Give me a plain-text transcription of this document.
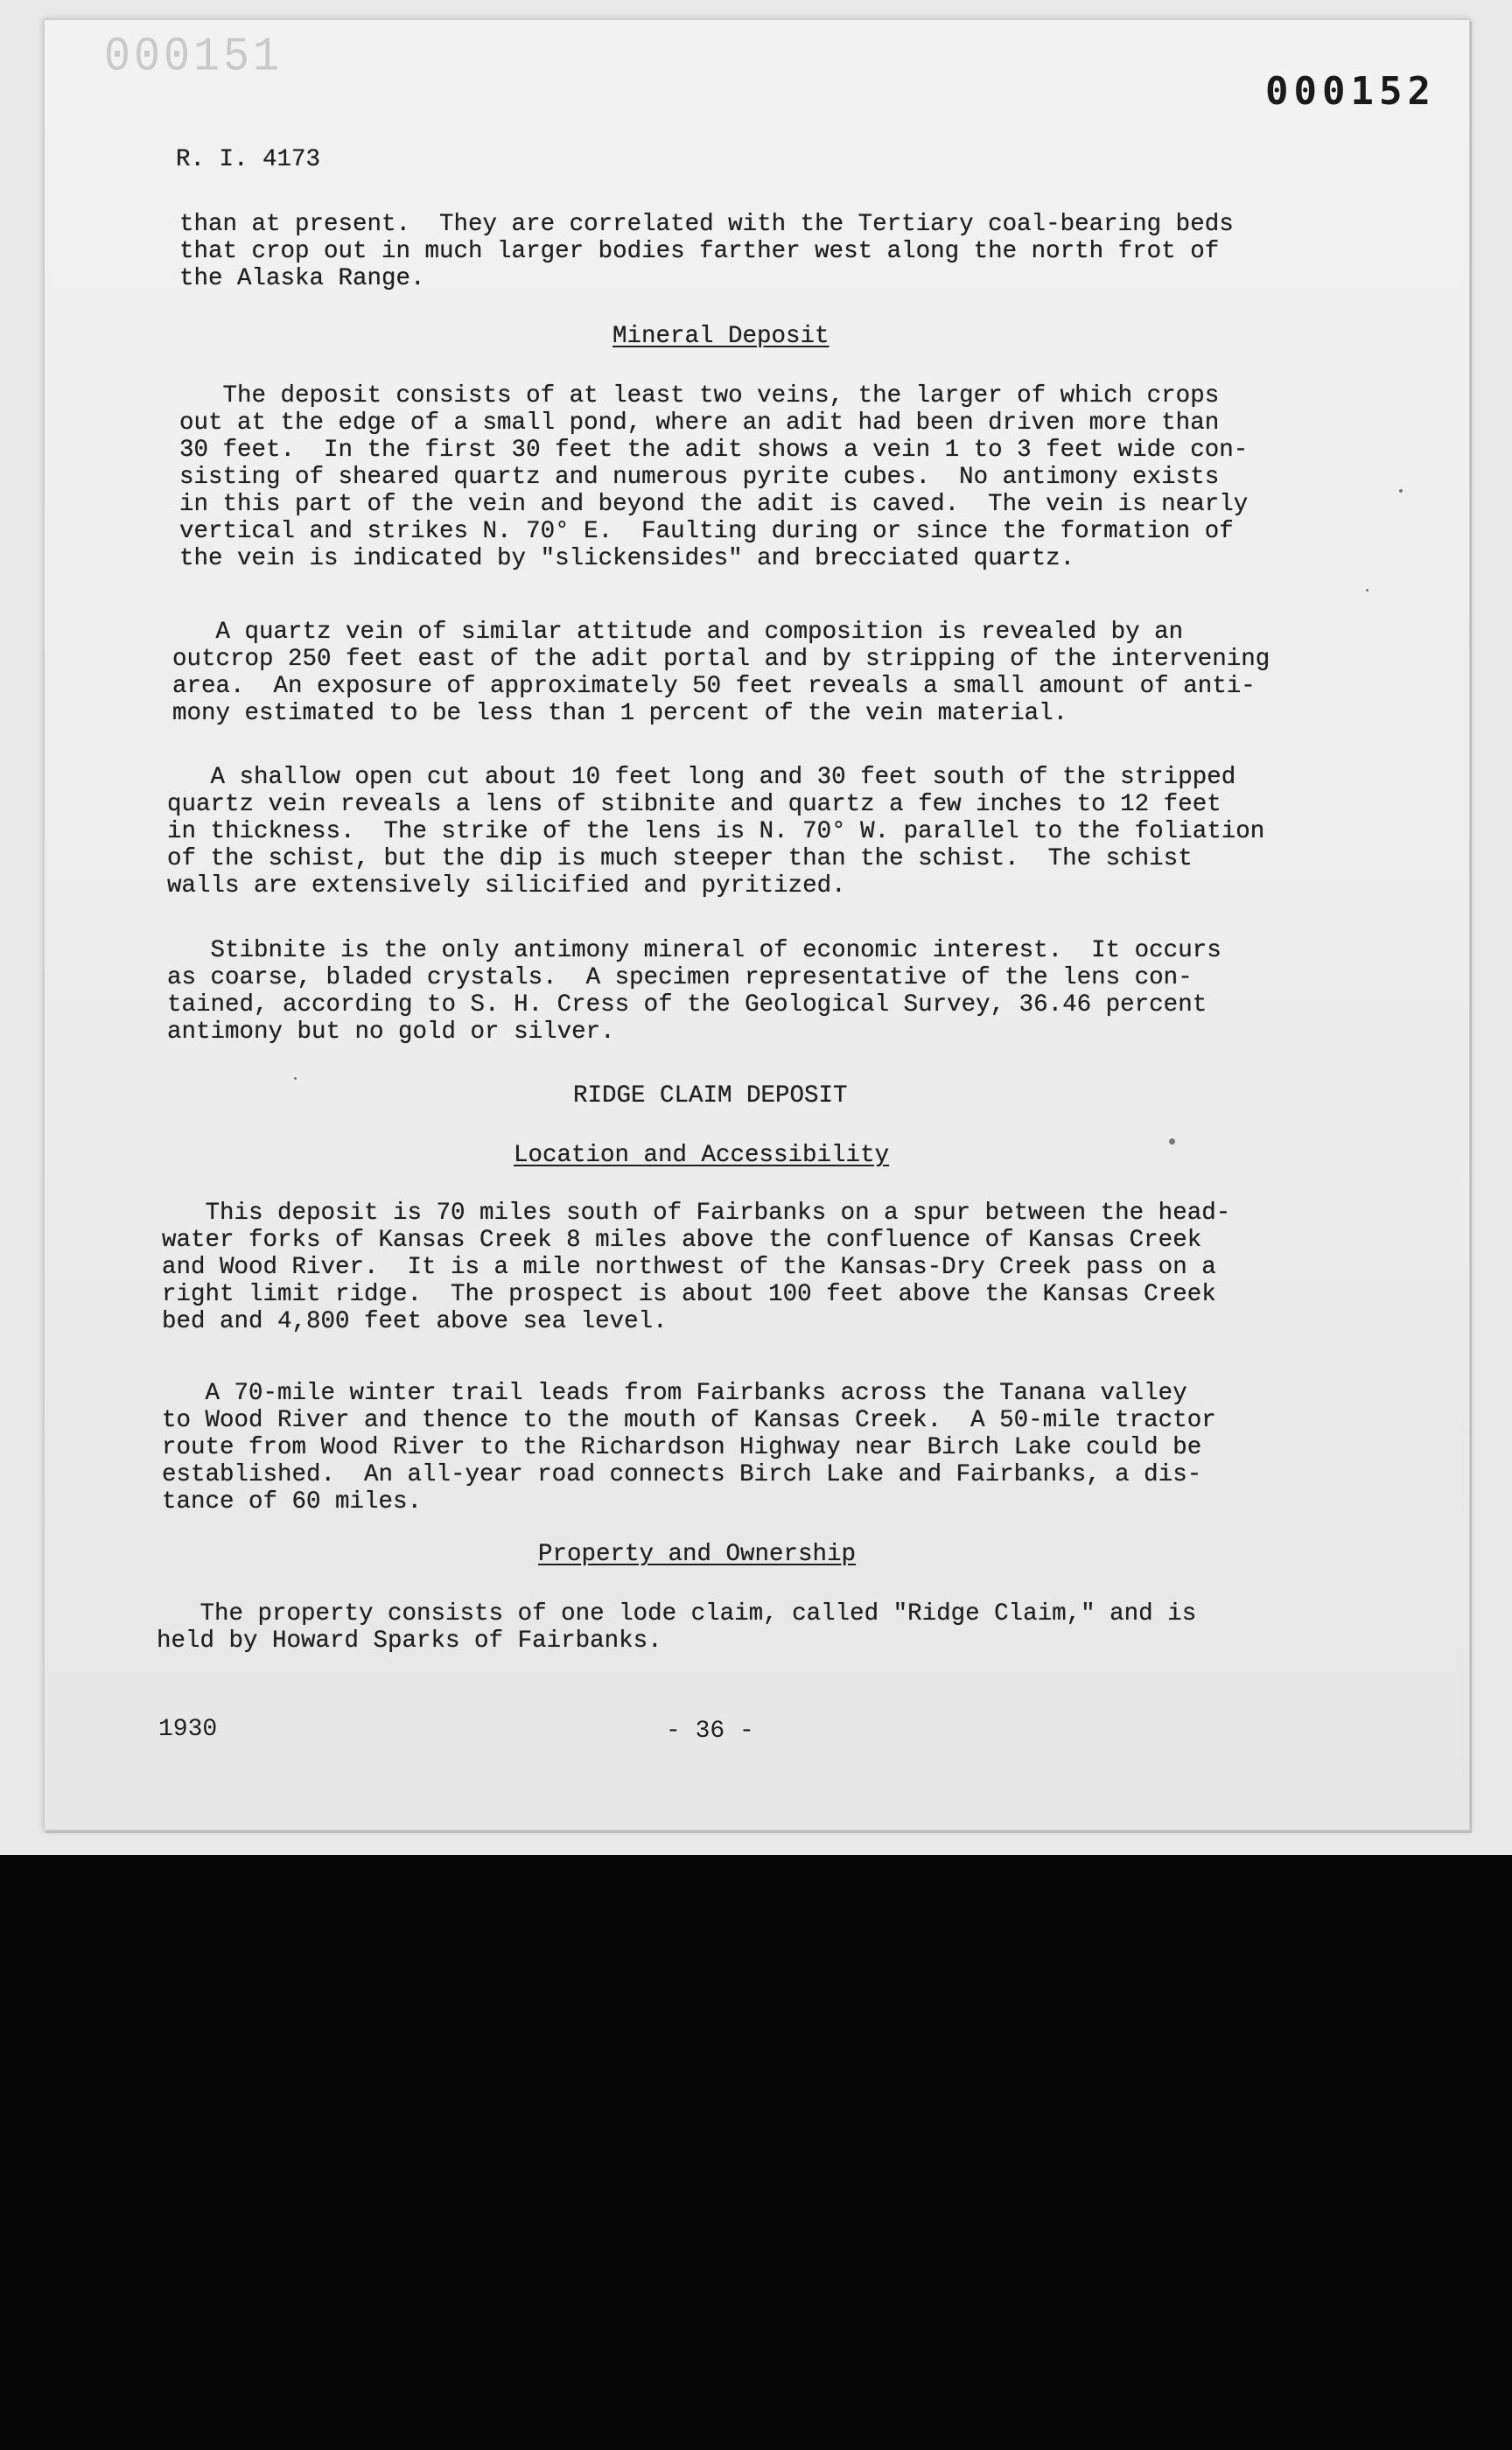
000151
000152
R. I. 4173
than at present.  They are correlated with the Tertiary coal-bearing beds
that crop out in much larger bodies farther west along the north frot of
the Alaska Range.
Mineral Deposit
The deposit consists of at least two veins, the larger of which crops
out at the edge of a small pond, where an adit had been driven more than
30 feet.  In the first 30 feet the adit shows a vein 1 to 3 feet wide con-
sisting of sheared quartz and numerous pyrite cubes.  No antimony exists
in this part of the vein and beyond the adit is caved.  The vein is nearly
vertical and strikes N. 70° E.  Faulting during or since the formation of
the vein is indicated by "slickensides" and brecciated quartz.
A quartz vein of similar attitude and composition is revealed by an
outcrop 250 feet east of the adit portal and by stripping of the intervening
area.  An exposure of approximately 50 feet reveals a small amount of anti-
mony estimated to be less than 1 percent of the vein material.
A shallow open cut about 10 feet long and 30 feet south of the stripped
quartz vein reveals a lens of stibnite and quartz a few inches to 12 feet
in thickness.  The strike of the lens is N. 70° W. parallel to the foliation
of the schist, but the dip is much steeper than the schist.  The schist
walls are extensively silicified and pyritized.
Stibnite is the only antimony mineral of economic interest.  It occurs
as coarse, bladed crystals.  A specimen representative of the lens con-
tained, according to S. H. Cress of the Geological Survey, 36.46 percent
antimony but no gold or silver.
RIDGE CLAIM DEPOSIT
Location and Accessibility
This deposit is 70 miles south of Fairbanks on a spur between the head-
water forks of Kansas Creek 8 miles above the confluence of Kansas Creek
and Wood River.  It is a mile northwest of the Kansas-Dry Creek pass on a
right limit ridge.  The prospect is about 100 feet above the Kansas Creek
bed and 4,800 feet above sea level.
A 70-mile winter trail leads from Fairbanks across the Tanana valley
to Wood River and thence to the mouth of Kansas Creek.  A 50-mile tractor
route from Wood River to the Richardson Highway near Birch Lake could be
established.  An all-year road connects Birch Lake and Fairbanks, a dis-
tance of 60 miles.
Property and Ownership
The property consists of one lode claim, called "Ridge Claim," and is
held by Howard Sparks of Fairbanks.
1930	- 36 -
